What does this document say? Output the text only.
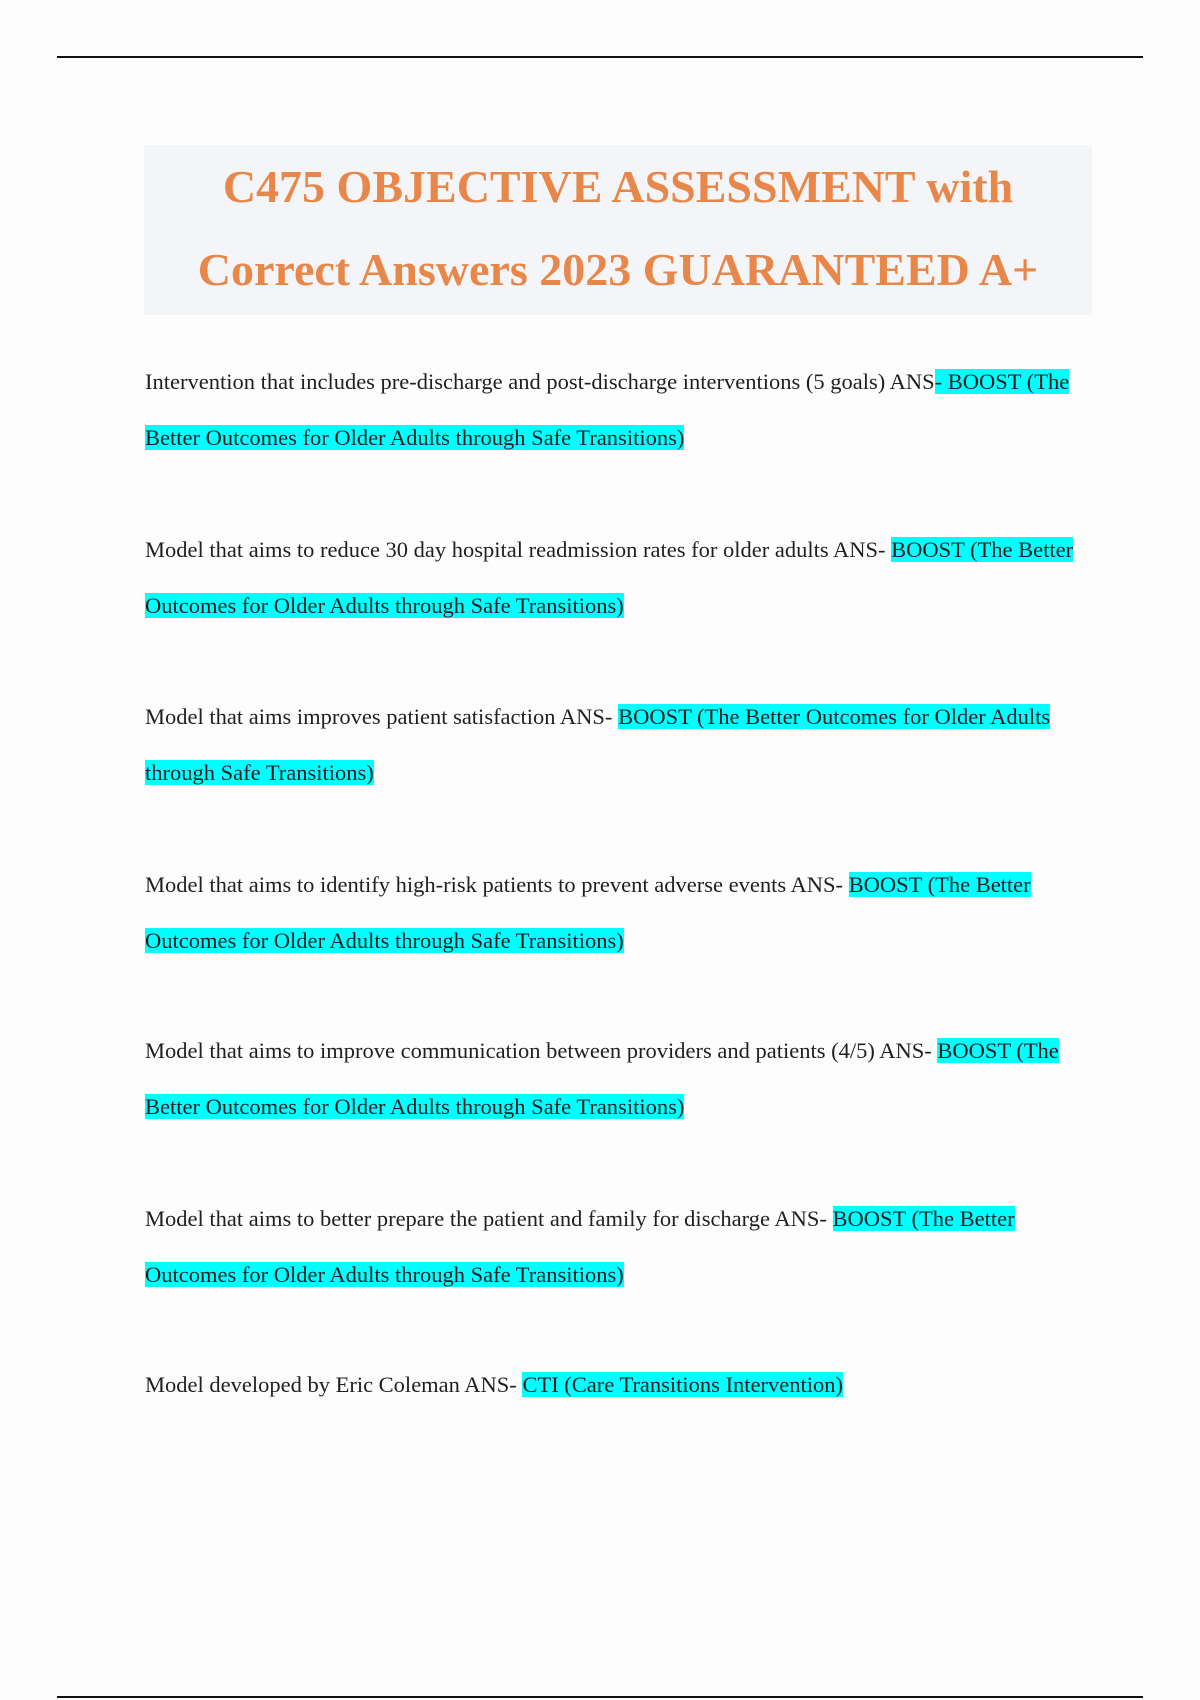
C475 OBJECTIVE ASSESSMENT with
Correct Answers 2023 GUARANTEED A+
Intervention that includes pre-discharge and post-discharge interventions (5 goals) ANS- BOOST (The Better Outcomes for Older Adults through Safe Transitions)
Model that aims to reduce 30 day hospital readmission rates for older adults ANS- BOOST (The Better Outcomes for Older Adults through Safe Transitions)
Model that aims improves patient satisfaction ANS- BOOST (The Better Outcomes for Older Adults through Safe Transitions)
Model that aims to identify high-risk patients to prevent adverse events ANS- BOOST (The Better Outcomes for Older Adults through Safe Transitions)
Model that aims to improve communication between providers and patients (4/5) ANS- BOOST (The Better Outcomes for Older Adults through Safe Transitions)
Model that aims to better prepare the patient and family for discharge ANS- BOOST (The Better Outcomes for Older Adults through Safe Transitions)
Model developed by Eric Coleman ANS- CTI (Care Transitions Intervention)
